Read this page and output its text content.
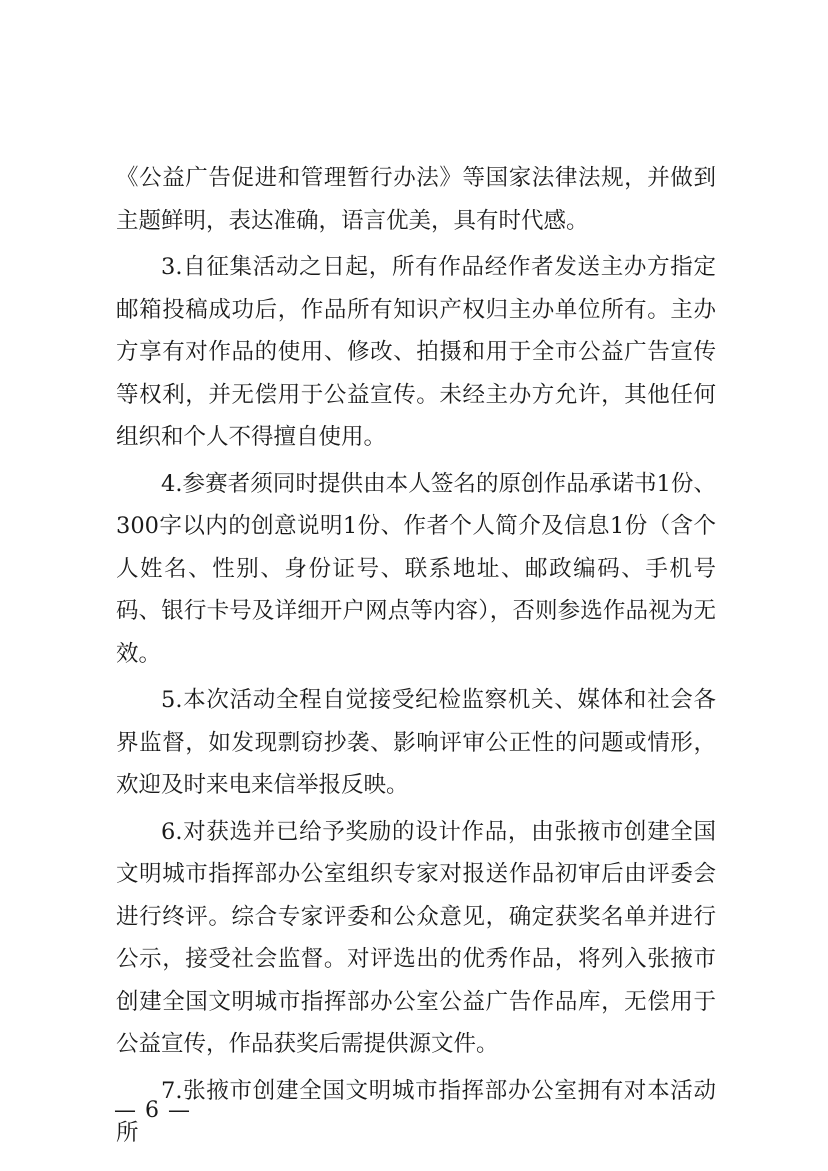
《公益广告促进和管理暂行办法》等国家法律法规，并做到主题鲜明，表达准确，语言优美，具有时代感。

3.自征集活动之日起，所有作品经作者发送主办方指定邮箱投稿成功后，作品所有知识产权归主办单位所有。主办方享有对作品的使用、修改、拍摄和用于全市公益广告宣传等权利，并无偿用于公益宣传。未经主办方允许，其他任何组织和个人不得擅自使用。

4.参赛者须同时提供由本人签名的原创作品承诺书1份、300字以内的创意说明1份、作者个人简介及信息1份（含个人姓名、性别、身份证号、联系地址、邮政编码、手机号码、银行卡号及详细开户网点等内容），否则参选作品视为无效。

5.本次活动全程自觉接受纪检监察机关、媒体和社会各界监督，如发现剽窃抄袭、影响评审公正性的问题或情形，欢迎及时来电来信举报反映。

6.对获选并已给予奖励的设计作品，由张掖市创建全国文明城市指挥部办公室组织专家对报送作品初审后由评委会进行终评。综合专家评委和公众意见，确定获奖名单并进行公示，接受社会监督。对评选出的优秀作品，将列入张掖市创建全国文明城市指挥部办公室公益广告作品库，无偿用于公益宣传，作品获奖后需提供源文件。

7.张掖市创建全国文明城市指挥部办公室拥有对本活动所

— 6 —
